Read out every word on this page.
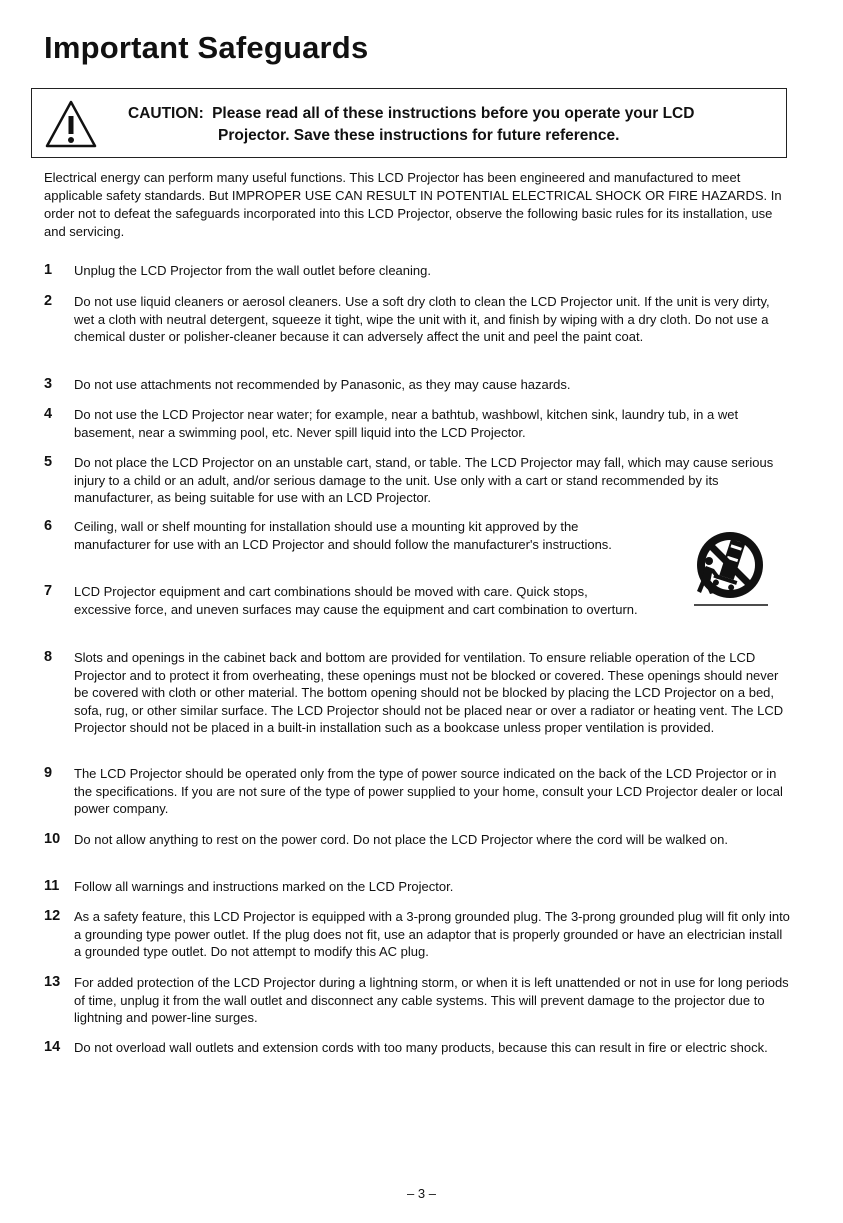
Important Safeguards
CAUTION: Please read all of these instructions before you operate your LCD
Projector. Save these instructions for future reference.

Electrical energy can perform many useful functions. This LCD Projector has been engineered and manufactured to meet applicable safety standards. But IMPROPER USE CAN RESULT IN POTENTIAL ELECTRICAL SHOCK OR FIRE HAZARDS. In order not to defeat the safeguards incorporated into this LCD Projector, observe the following basic rules for its installation, use and servicing.

1 Unplug the LCD Projector from the wall outlet before cleaning.
2 Do not use liquid cleaners or aerosol cleaners. Use a soft dry cloth to clean the LCD Projector unit. If the unit is very dirty, wet a cloth with neutral detergent, squeeze it tight, wipe the unit with it, and finish by wiping with a dry cloth. Do not use a chemical duster or polisher-cleaner because it can adversely affect the unit and peel the paint coat.
3 Do not use attachments not recommended by Panasonic, as they may cause hazards.
4 Do not use the LCD Projector near water; for example, near a bathtub, washbowl, kitchen sink, laundry tub, in a wet basement, near a swimming pool, etc. Never spill liquid into the LCD Projector.
5 Do not place the LCD Projector on an unstable cart, stand, or table. The LCD Projector may fall, which may cause serious injury to a child or an adult, and/or serious damage to the unit. Use only with a cart or stand recommended by its manufacturer, as being suitable for use with an LCD Projector.
6 Ceiling, wall or shelf mounting for installation should use a mounting kit approved by the manufacturer for use with an LCD Projector and should follow the manufacturer's instructions.
7 LCD Projector equipment and cart combinations should be moved with care. Quick stops, excessive force, and uneven surfaces may cause the equipment and cart combination to overturn.
8 Slots and openings in the cabinet back and bottom are provided for ventilation. To ensure reliable operation of the LCD Projector and to protect it from overheating, these openings must not be blocked or covered. These openings should never be covered with cloth or other material. The bottom opening should not be blocked by placing the LCD Projector on a bed, sofa, rug, or other similar surface. The LCD Projector should not be placed near or over a radiator or heating vent. The LCD Projector should not be placed in a built-in installation such as a bookcase unless proper ventilation is provided.
9 The LCD Projector should be operated only from the type of power source indicated on the back of the LCD Projector or in the specifications. If you are not sure of the type of power supplied to your home, consult your LCD Projector dealer or local power company.
10 Do not allow anything to rest on the power cord. Do not place the LCD Projector where the cord will be walked on.
11 Follow all warnings and instructions marked on the LCD Projector.
12 As a safety feature, this LCD Projector is equipped with a 3-prong grounded plug. The 3-prong grounded plug will fit only into a grounding type power outlet. If the plug does not fit, use an adaptor that is properly grounded or have an electrician install a grounded type outlet. Do not attempt to modify this AC plug.
13 For added protection of the LCD Projector during a lightning storm, or when it is left unattended or not in use for long periods of time, unplug it from the wall outlet and disconnect any cable systems. This will prevent damage to the projector due to lightning and power-line surges.
14 Do not overload wall outlets and extension cords with too many products, because this can result in fire or electric shock.
– 3 –
